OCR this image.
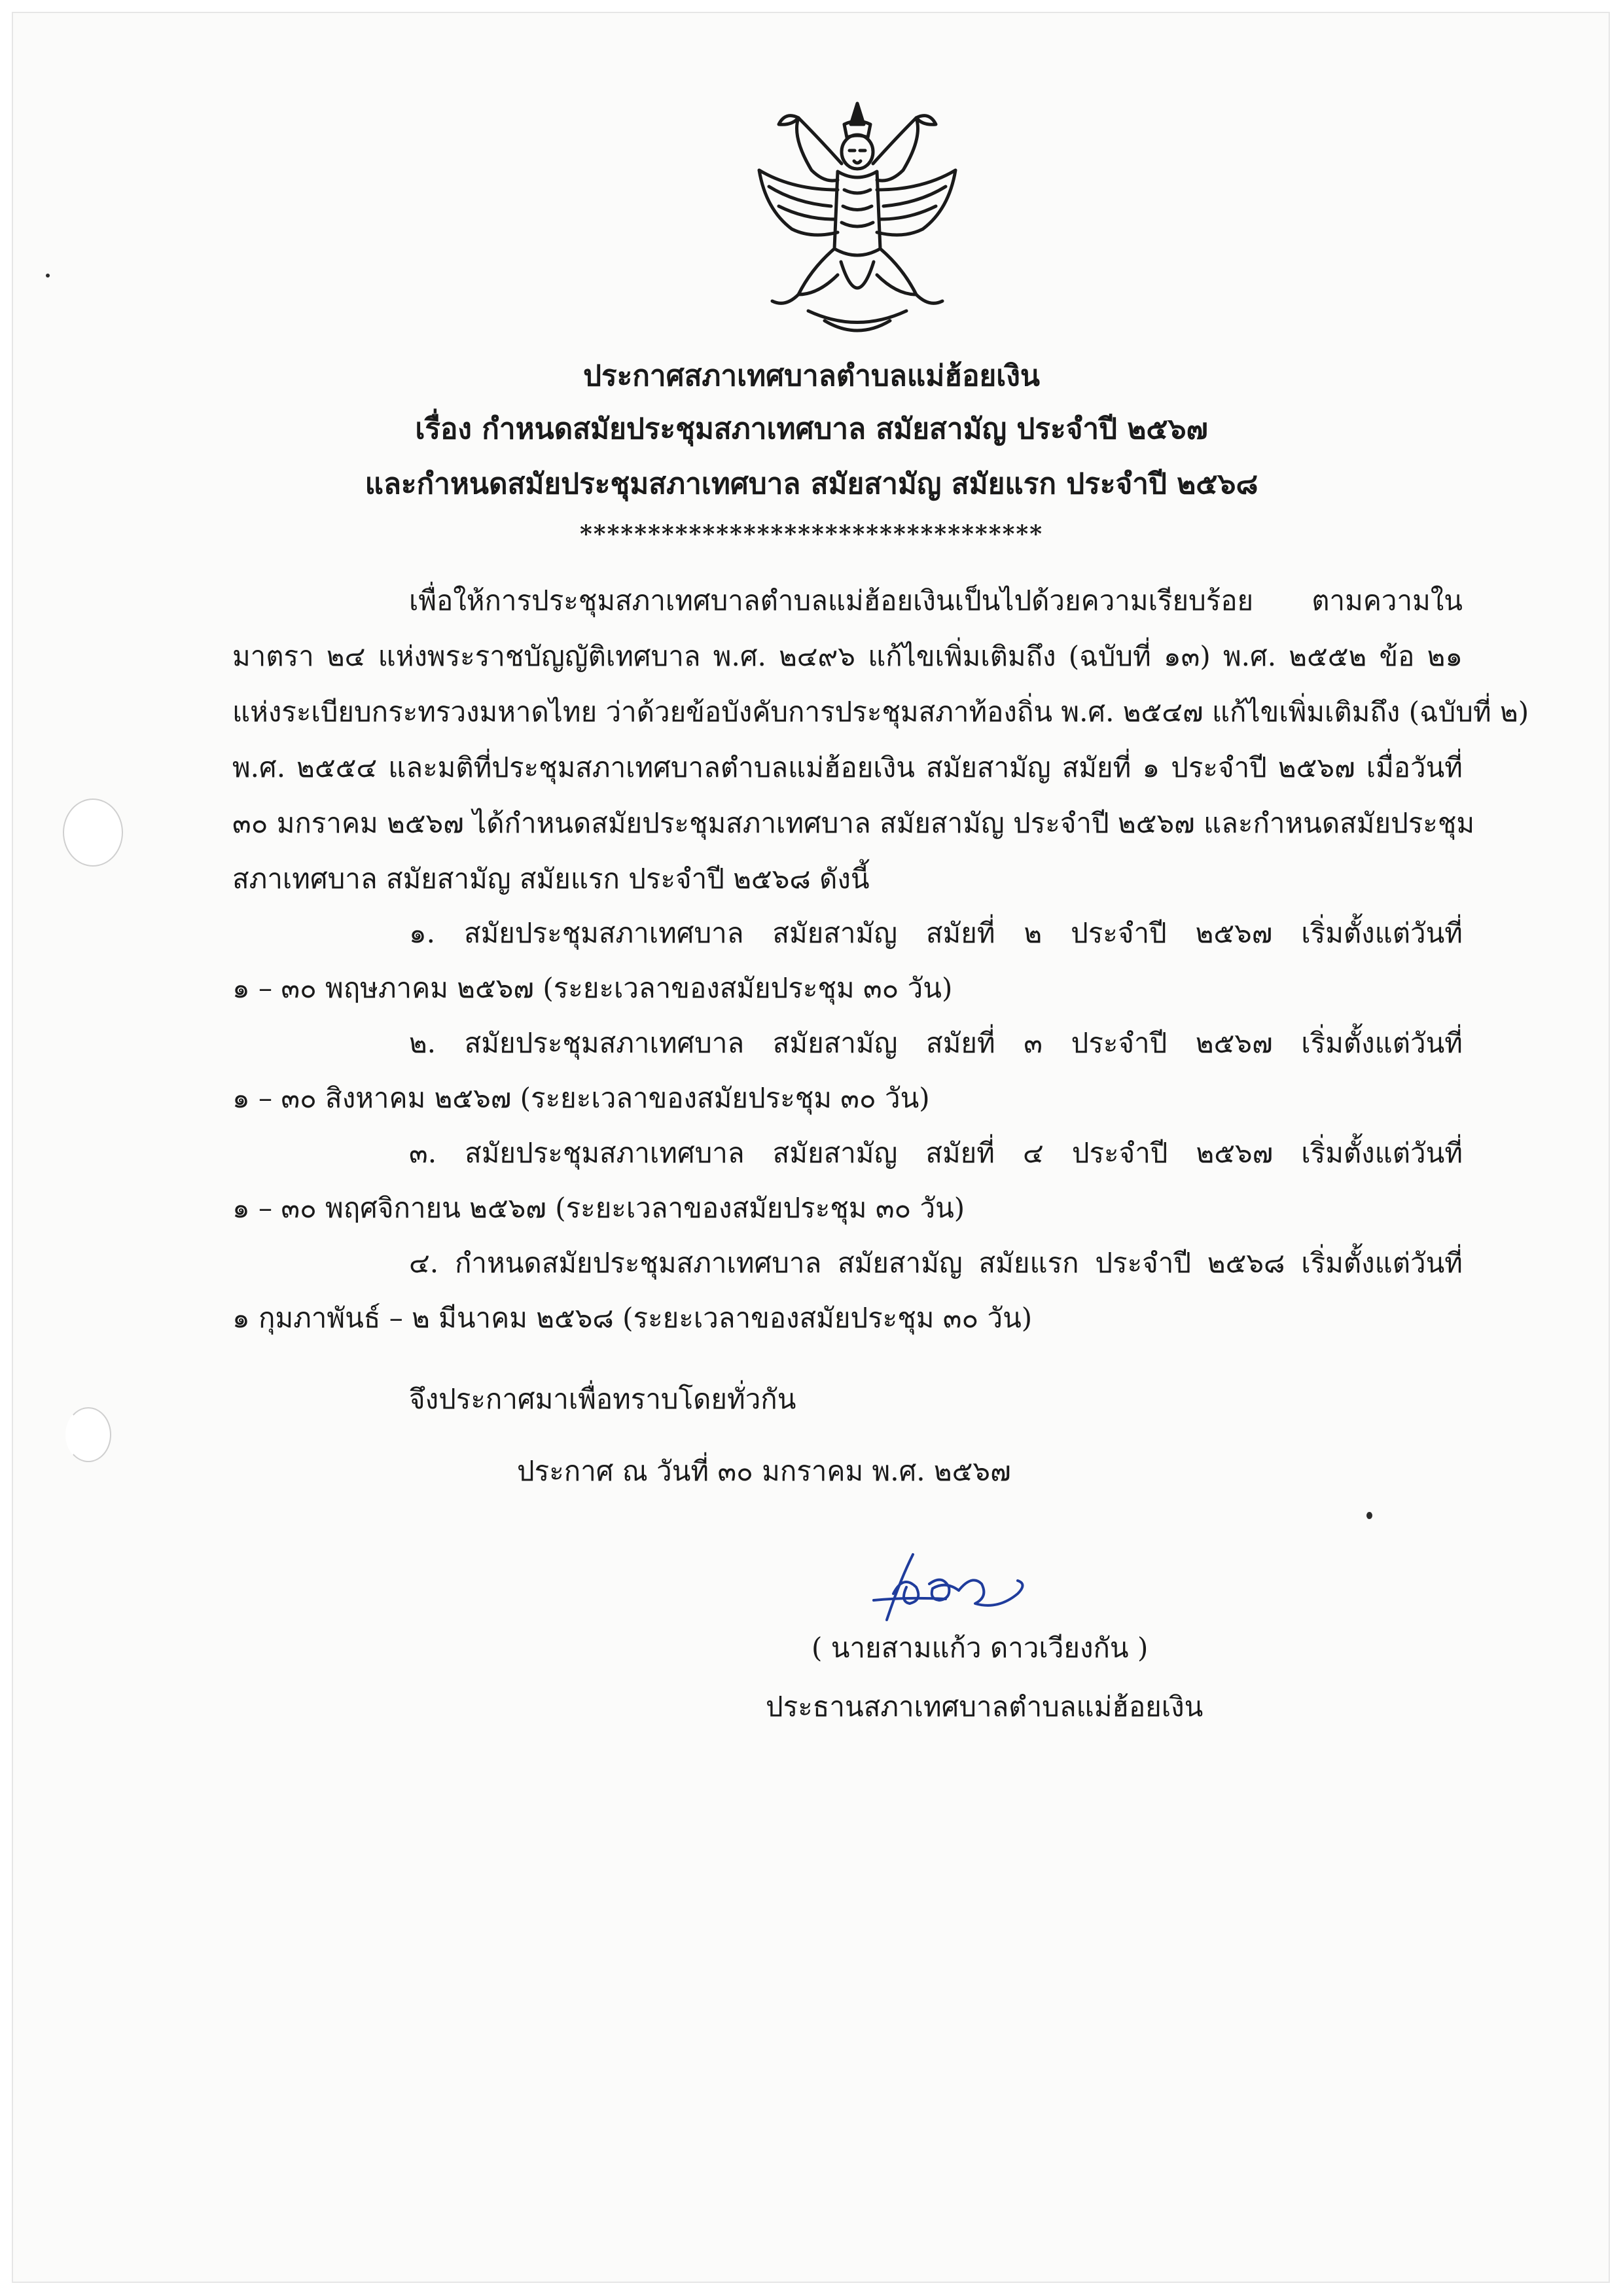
ประกาศสภาเทศบาลตำบลแม่ฮ้อยเงิน
เรื่อง กำหนดสมัยประชุมสภาเทศบาล สมัยสามัญ ประจำปี ๒๕๖๗
และกำหนดสมัยประชุมสภาเทศบาล สมัยสามัญ สมัยแรก ประจำปี ๒๕๖๘
**********************************
เพื่อให้การประชุมสภาเทศบาลตำบลแม่ฮ้อยเงินเป็นไปด้วยความเรียบร้อย ตามความใน
มาตรา ๒๔ แห่งพระราชบัญญัติเทศบาล พ.ศ. ๒๔๙๖ แก้ไขเพิ่มเติมถึง (ฉบับที่ ๑๓) พ.ศ. ๒๕๕๒ ข้อ ๒๑
แห่งระเบียบกระทรวงมหาดไทย ว่าด้วยข้อบังคับการประชุมสภาท้องถิ่น พ.ศ. ๒๕๔๗ แก้ไขเพิ่มเติมถึง (ฉบับที่ ๒)
พ.ศ. ๒๕๕๔ และมติที่ประชุมสภาเทศบาลตำบลแม่ฮ้อยเงิน สมัยสามัญ สมัยที่ ๑ ประจำปี ๒๕๖๗ เมื่อวันที่
๓๐ มกราคม ๒๕๖๗ ได้กำหนดสมัยประชุมสภาเทศบาล สมัยสามัญ ประจำปี ๒๕๖๗ และกำหนดสมัยประชุม
สภาเทศบาล สมัยสามัญ สมัยแรก ประจำปี ๒๕๖๘ ดังนี้
๑. สมัยประชุมสภาเทศบาล สมัยสามัญ สมัยที่ ๒ ประจำปี ๒๕๖๗ เริ่มตั้งแต่วันที่
๑ – ๓๐ พฤษภาคม ๒๕๖๗ (ระยะเวลาของสมัยประชุม ๓๐ วัน)
๒. สมัยประชุมสภาเทศบาล สมัยสามัญ สมัยที่ ๓ ประจำปี ๒๕๖๗ เริ่มตั้งแต่วันที่
๑ – ๓๐ สิงหาคม ๒๕๖๗ (ระยะเวลาของสมัยประชุม ๓๐ วัน)
๓. สมัยประชุมสภาเทศบาล สมัยสามัญ สมัยที่ ๔ ประจำปี ๒๕๖๗ เริ่มตั้งแต่วันที่
๑ – ๓๐ พฤศจิกายน ๒๕๖๗ (ระยะเวลาของสมัยประชุม ๓๐ วัน)
๔. กำหนดสมัยประชุมสภาเทศบาล สมัยสามัญ สมัยแรก ประจำปี ๒๕๖๘ เริ่มตั้งแต่วันที่
๑ กุมภาพันธ์ – ๒ มีนาคม ๒๕๖๘ (ระยะเวลาของสมัยประชุม ๓๐ วัน)
จึงประกาศมาเพื่อทราบโดยทั่วกัน
ประกาศ ณ วันที่ ๓๐ มกราคม พ.ศ. ๒๕๖๗
( นายสามแก้ว ดาวเวียงกัน )
ประธานสภาเทศบาลตำบลแม่ฮ้อยเงิน
